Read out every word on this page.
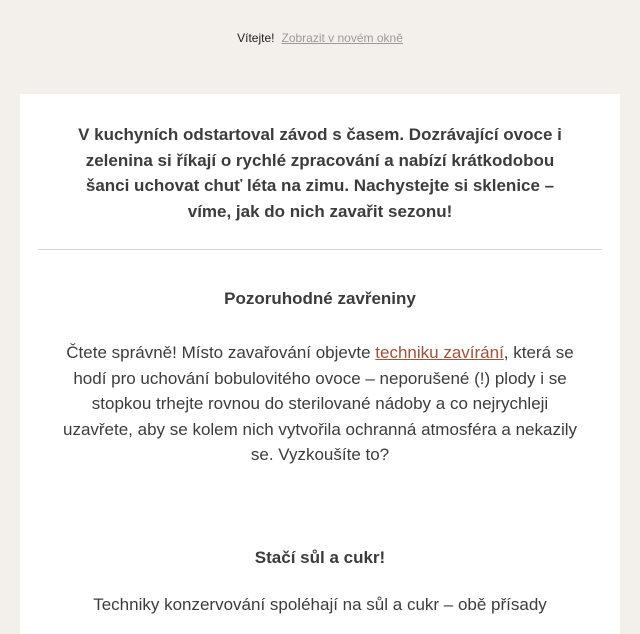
Vítejte! Zobrazit v novém okně

V kuchyních odstartoval závod s časem. Dozrávající ovoce i zelenina si říkají o rychlé zpracování a nabízí krátkodobou šanci uchovat chuť léta na zimu. Nachystejte si sklenice – víme, jak do nich zavařit sezonu!

Pozoruhodné zavřeniny

Čtete správně! Místo zavařování objevte techniku zavírání, která se hodí pro uchování bobulovitého ovoce – neporušené (!) plody i se stopkou trhejte rovnou do sterilované nádoby a co nejrychleji uzavřete, aby se kolem nich vytvořila ochranná atmosféra a nekazily se. Vyzkoušíte to?

Stačí sůl a cukr!

Techniky konzervování spoléhají na sůl a cukr – obě přísady
